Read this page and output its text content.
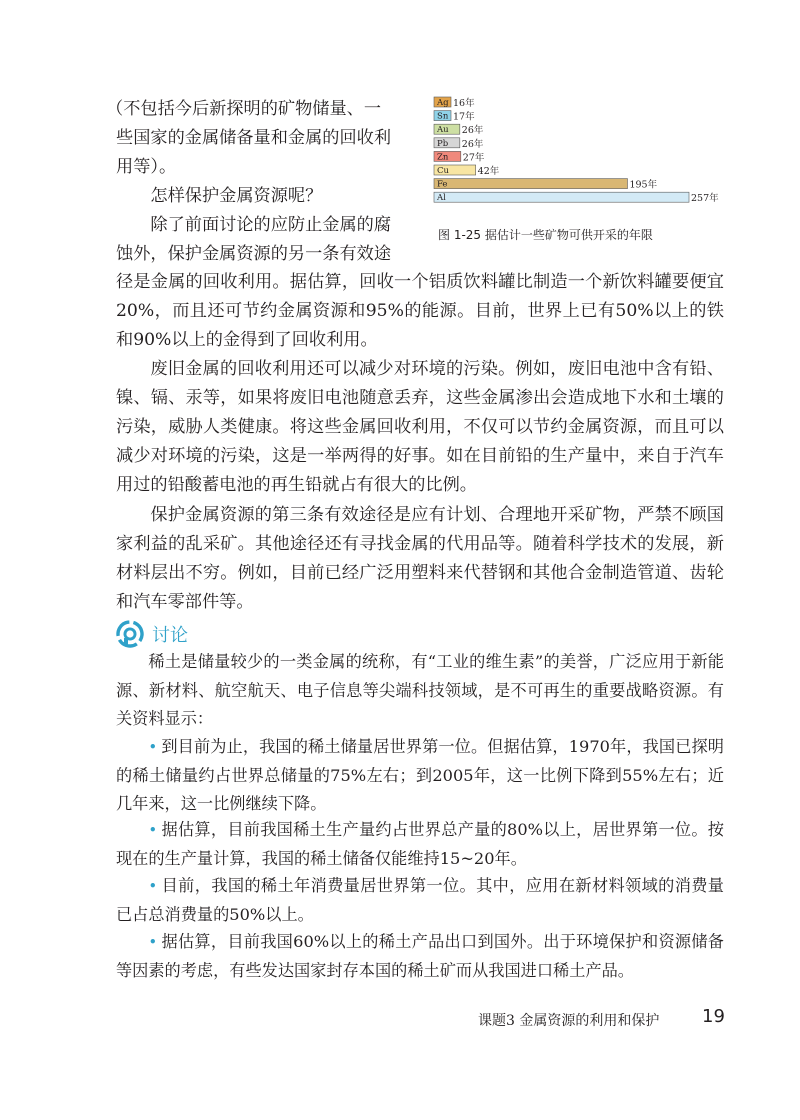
（不包括今后新探明的矿物储量、一
些国家的金属储备量和金属的回收利
用等）。
怎样保护金属资源呢？
除了前面讨论的应防止金属的腐
蚀外，保护金属资源的另一条有效途
Ag 16年
Sn 17年
Au 26年
Pb 26年
Zn 27年
Cu	42年
Fe	195年
Al	257年
图 1-25 据估计一些矿物可供开采的年限
径是金属的回收利用。据估算，回收一个铝质饮料罐比制造一个新饮料罐要便宜20%，而且还可节约金属资源和95%的能源。目前，世界上已有50%以上的铁和90%以上的金得到了回收利用。
废旧金属的回收利用还可以减少对环境的污染。例如，废旧电池中含有铅、镍、镉、汞等，如果将废旧电池随意丢弃，这些金属渗出会造成地下水和土壤的污染，威胁人类健康。将这些金属回收利用，不仅可以节约金属资源，而且可以减少对环境的污染，这是一举两得的好事。如在目前铅的生产量中，来自于汽车用过的铅酸蓄电池的再生铅就占有很大的比例。
保护金属资源的第三条有效途径是应有计划、合理地开采矿物，严禁不顾国家利益的乱采矿。其他途径还有寻找金属的代用品等。随着科学技术的发展，新材料层出不穷。例如，目前已经广泛用塑料来代替钢和其他合金制造管道、齿轮和汽车零部件等。
讨论
稀土是储量较少的一类金属的统称，有“工业的维生素”的美誉，广泛应用于新能源、新材料、航空航天、电子信息等尖端科技领域，是不可再生的重要战略资源。有关资料显示：
• 到目前为止，我国的稀土储量居世界第一位。但据估算，1970年，我国已探明的稀土储量约占世界总储量的75%左右；到2005年，这一比例下降到55%左右；近几年来，这一比例继续下降。
• 据估算，目前我国稀土生产量约占世界总产量的80%以上，居世界第一位。按现在的生产量计算，我国的稀土储备仅能维持15~20年。
• 目前，我国的稀土年消费量居世界第一位。其中，应用在新材料领域的消费量已占总消费量的50%以上。
• 据估算，目前我国60%以上的稀土产品出口到国外。出于环境保护和资源储备等因素的考虑，有些发达国家封存本国的稀土矿而从我国进口稀土产品。
课题3 金属资源的利用和保护 19
